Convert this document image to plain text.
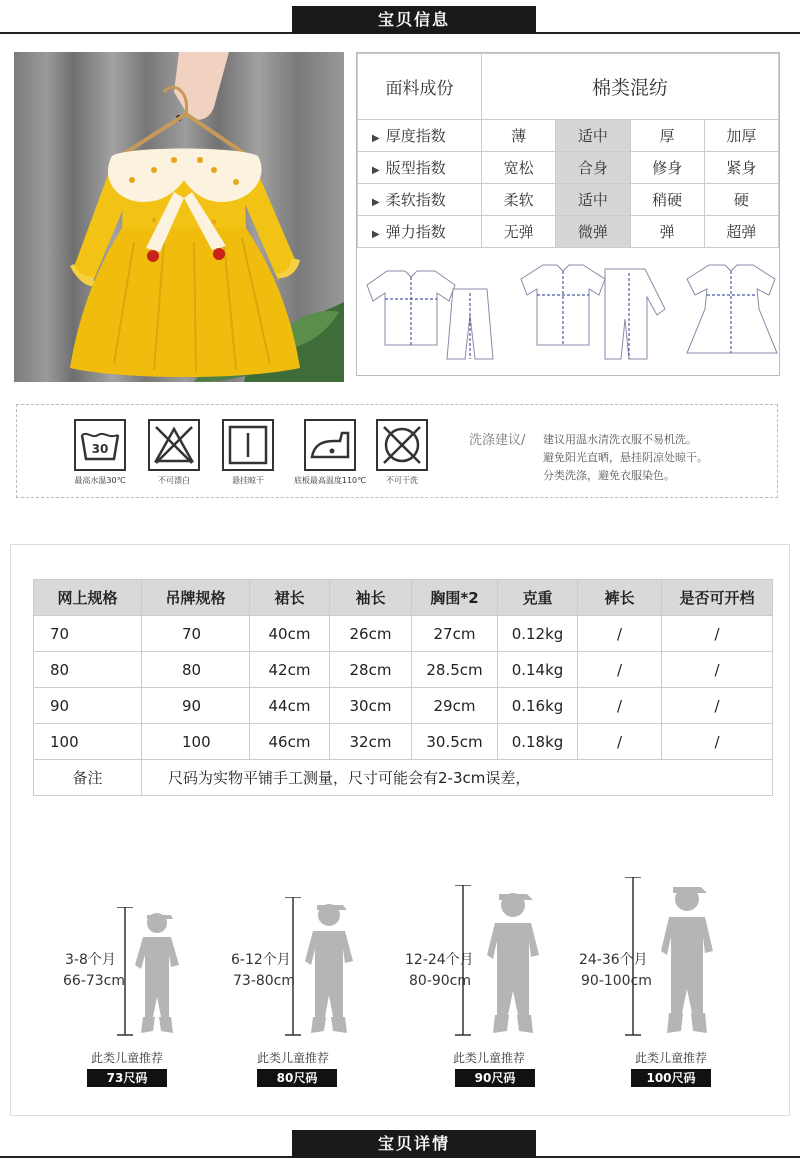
宝贝信息
面料成份	棉类混纺			
▶ 厚度指数	薄	适中	厚	加厚
▶ 版型指数	宽松	合身	修身	紧身
▶ 柔软指数	柔软	适中	稍硬	硬
▶ 弹力指数	无弹	微弹	弹	超弹
30
最高水温30℃	不可漂白	悬挂晾干	底板最高温度110℃	不可干洗
洗涤建议/ 建议用温水清洗衣服不易机洗。
避免阳光直晒，悬挂阴凉处晾干。
分类洗涤，避免衣服染色。
网上规格	吊牌规格	裙长	袖长	胸围*2	克重	裤长	是否可开档
70	70	40cm	26cm	27cm	0.12kg	/	/
80	80	42cm	28cm	28.5cm	0.14kg	/	/
90	90	44cm	30cm	29cm	0.16kg	/	/
100	100	46cm	32cm	30.5cm	0.18kg	/	/
备注	尺码为实物平铺手工测量，尺寸可能会有2-3cm误差，						
3-8个月
66-73cm
此类儿童推荐
73尺码
6-12个月
73-80cm
此类儿童推荐
80尺码
12-24个月
80-90cm
此类儿童推荐
90尺码
24-36个月
90-100cm
此类儿童推荐
100尺码
宝贝详情
